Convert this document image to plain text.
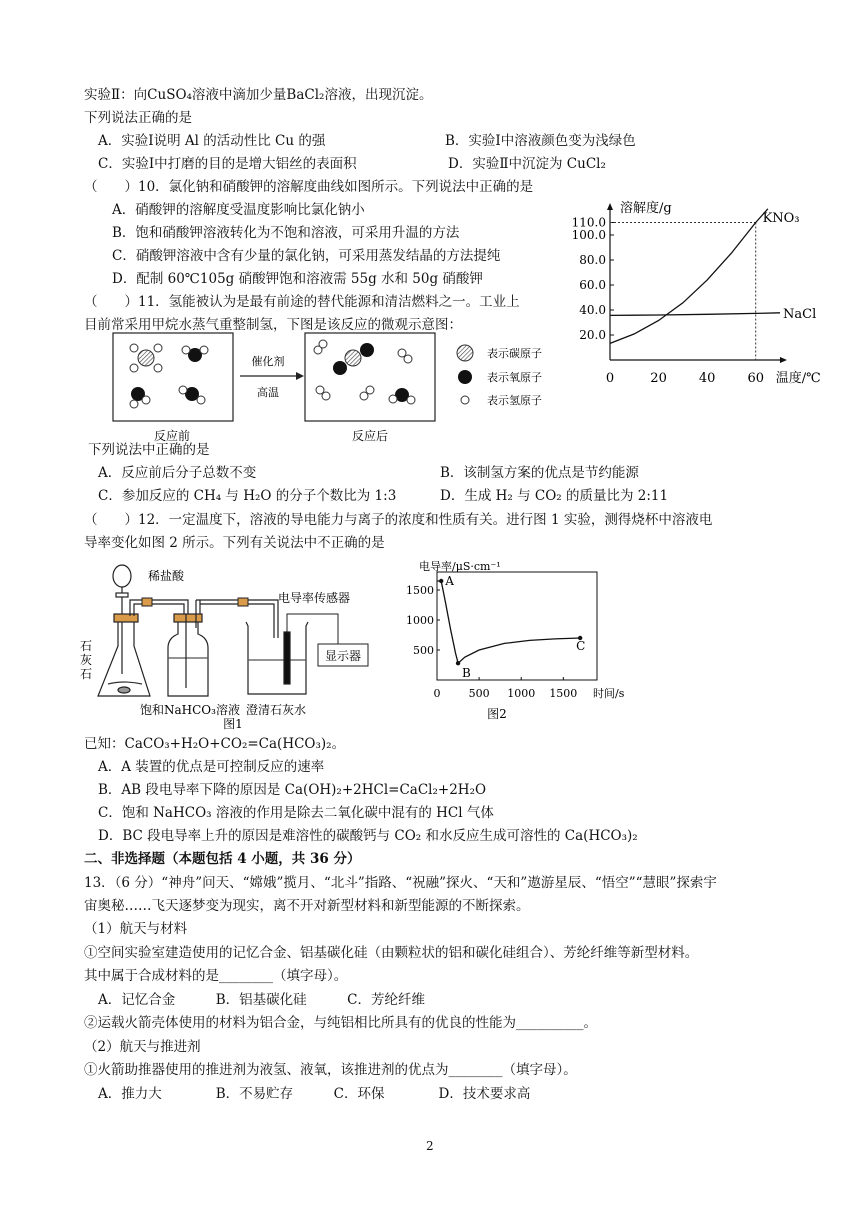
实验Ⅱ：向CuSO₄溶液中滴加少量BaCl₂溶液，出现沉淀。
下列说法正确的是
A．实验Ⅰ说明 Al 的活动性比 Cu 的强	B．实验Ⅰ中溶液颜色变为浅绿色
C．实验Ⅰ中打磨的目的是增大铝丝的表面积	D．实验Ⅱ中沉淀为 CuCl₂
（　　）10．氯化钠和硝酸钾的溶解度曲线如图所示。下列说法中正确的是
A．硝酸钾的溶解度受温度影响比氯化钠小
B．饱和硝酸钾溶液转化为不饱和溶液，可采用升温的方法
C．硝酸钾溶液中含有少量的氯化钠，可采用蒸发结晶的方法提纯
D．配制 60℃105g 硝酸钾饱和溶液需 55g 水和 50g 硝酸钾
（　　）11．氢能被认为是最有前途的替代能源和清洁燃料之一。工业上
目前常采用甲烷水蒸气重整制氢，下图是该反应的微观示意图：
溶解度/g
温度/℃
20.0
40.0
60.0
80.0
100.0
110.0
0	20 40 60
KNO₃
NaCl
催化剂
高温
表示碳原子
表示氧原子
表示氢原子
反应前	反应后
下列说法中正确的是
A．反应前后分子总数不变	B．该制氢方案的优点是节约能源
C．参加反应的 CH₄ 与 H₂O 的分子个数比为 1:3	D．生成 H₂ 与 CO₂ 的质量比为 2:11
（　　）12．一定温度下，溶液的导电能力与离子的浓度和性质有关。进行图 1 实验，测得烧杯中溶液电
导率变化如图 2 所示。下列有关说法中不正确的是
稀盐酸
石
灰
石
电导率传感器
显示器
饱和NaHCO₃溶液 澄清石灰水
图1
电导率/μS·cm⁻¹
时间/s
500
1000
1500
0	500 1000 1500
A
B
C
图2
已知：CaCO₃+H₂O+CO₂=Ca(HCO₃)₂。
A．A 装置的优点是可控制反应的速率
B．AB 段电导率下降的原因是 Ca(OH)₂+2HCl=CaCl₂+2H₂O
C．饱和 NaHCO₃ 溶液的作用是除去二氧化碳中混有的 HCl 气体
D．BC 段电导率上升的原因是难溶性的碳酸钙与 CO₂ 和水反应生成可溶性的 Ca(HCO₃)₂
二、非选择题（本题包括 4 小题，共 36 分）
13．（6 分）“神舟”问天、“嫦娥”揽月、“北斗”指路、“祝融”探火、“天和”遨游星辰、“悟空”“慧眼”探索宇
宙奥秘……飞天逐梦变为现实，离不开对新型材料和新型能源的不断探索。
（1）航天与材料
①空间实验室建造使用的记忆合金、铝基碳化硅（由颗粒状的铝和碳化硅组合）、芳纶纤维等新型材料。
其中属于合成材料的是________（填字母）。
A．记忆合金　　　B．铝基碳化硅　　　C．芳纶纤维
②运载火箭壳体使用的材料为铝合金，与纯铝相比所具有的优良的性能为__________。
（2）航天与推进剂
①火箭助推器使用的推进剂为液氢、液氧，该推进剂的优点为________（填字母）。
A．推力大　　　　B．不易贮存　　　C．环保　　　　D．技术要求高
2
